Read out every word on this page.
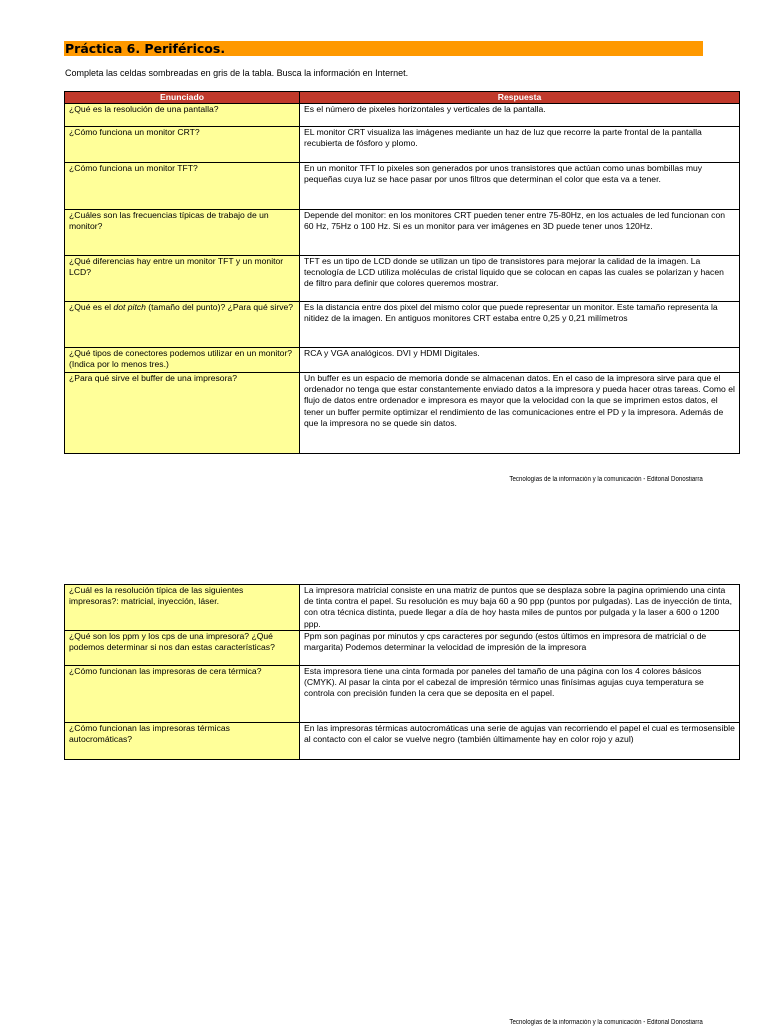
Práctica 6. Periféricos.
Completa las celdas sombreadas en gris de la tabla. Busca la información en Internet.
Enunciado	Respuesta
¿Qué es la resolución de una pantalla?	Es el número de pixeles horizontales y verticales de la pantalla.
¿Cómo funciona un monitor CRT?	EL monitor CRT visualiza las imágenes mediante un haz de luz que recorre la parte frontal de la pantalla recubierta de fósforo y plomo.
¿Cómo funciona un monitor TFT?	En un monitor TFT lo pixeles son generados por unos transistores que actúan como unas bombillas muy pequeñas cuya luz se hace pasar por unos filtros que determinan el color que esta va a tener.
¿Cuáles son las frecuencias típicas de trabajo de un monitor?	Depende del monitor: en los monitores CRT pueden tener entre 75-80Hz, en los actuales de led funcionan con 60 Hz, 75Hz o 100 Hz. Si es un monitor para ver imágenes en 3D puede tener unos 120Hz.
¿Qué diferencias hay entre un monitor TFT y un monitor LCD?	TFT es un tipo de LCD donde se utilizan un tipo de transistores para mejorar la calidad de la imagen. La tecnología de LCD utiliza moléculas de cristal liquido que se colocan en capas las cuales se polarizan y hacen de filtro para definir que colores queremos mostrar.
¿Qué es el dot pitch (tamaño del punto)? ¿Para qué sirve?	Es la distancia entre dos pixel del mismo color que puede representar un monitor. Este tamaño representa la nitidez de la imagen. En antiguos monitores CRT estaba entre 0,25 y 0,21 milímetros
¿Qué tipos de conectores podemos utilizar en un monitor? (Indica por lo menos tres.)	RCA y VGA analógicos. DVI y HDMI Digitales.
¿Para qué sirve el buffer de una impresora?	Un buffer es un espacio de memoria donde se almacenan datos. En el caso de la impresora sirve para que el ordenador no tenga que estar constantemente enviado datos a la impresora y pueda hacer otras tareas. Como el flujo de datos entre ordenador e impresora es mayor que la velocidad con la que se imprimen estos datos, el tener un buffer permite optimizar el rendimiento de las comunicaciones entre el PD y la impresora. Además de que la impresora no se quede sin datos.
Tecnologías de la información y la comunicación - Editorial Donostiarra
¿Cuál es la resolución típica de las siguientes impresoras?: matricial, inyección, láser.	La impresora matricial consiste en una matriz de puntos que se desplaza sobre la pagina oprimiendo una cinta de tinta contra el papel. Su resolución es muy baja 60 a 90 ppp (puntos por pulgadas). Las de inyección de tinta, con otra técnica distinta, puede llegar a día de hoy hasta miles de puntos por pulgada y la laser a 600 o 1200 ppp.
¿Qué son los ppm y los cps de una impresora? ¿Qué podemos determinar si nos dan estas características?	Ppm son paginas por minutos y cps caracteres por segundo (estos últimos en impresora de matricial o de margarita) Podemos determinar la velocidad de impresión de la impresora
¿Cómo funcionan las impresoras de cera térmica?	Esta impresora tiene una cinta formada por paneles del tamaño de una página con los 4 colores básicos (CMYK). Al pasar la cinta por el cabezal de impresión térmico unas finísimas agujas cuya temperatura se controla con precisión funden la cera que se deposita en el papel.
¿Cómo funcionan las impresoras térmicas autocromáticas?	En las impresoras térmicas autocromáticas una serie de agujas van recorriendo el papel el cual es termosensible al contacto con el calor se vuelve negro (también últimamente hay en color rojo y azul)
Tecnologías de la información y la comunicación - Editorial Donostiarra
